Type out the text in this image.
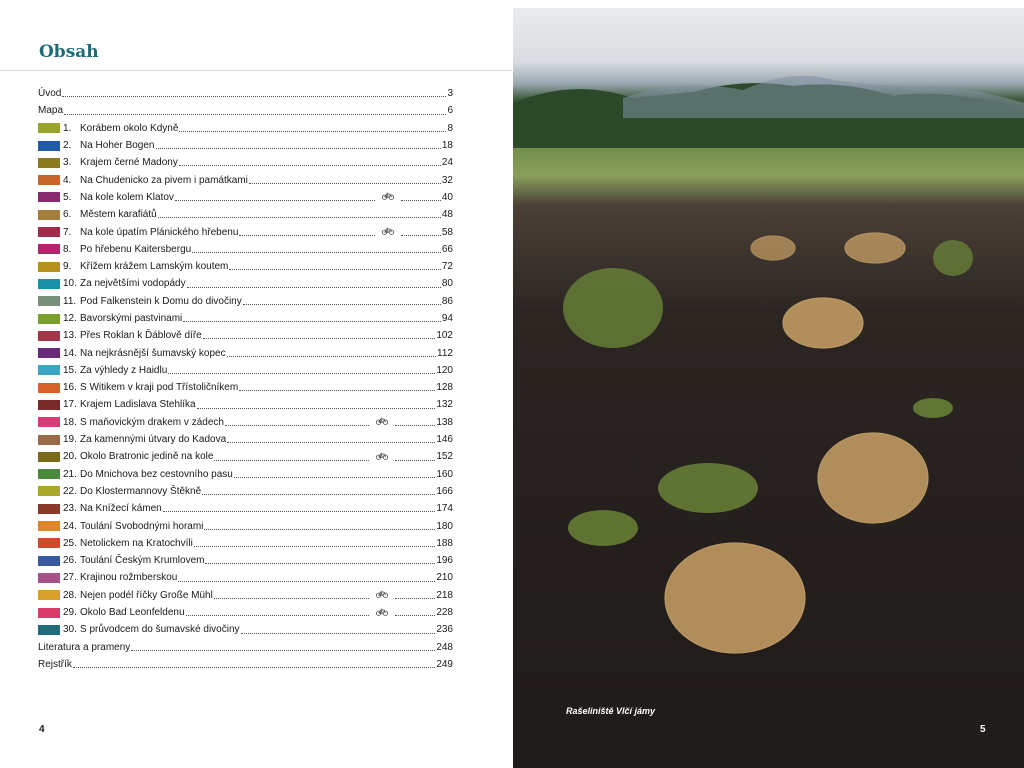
Obsah
Úvod	3
Mapa	6
1. Korábem okolo Kdyně	8
2. Na Hoher Bogen	18
3. Krajem černé Madony	24
4. Na Chudenicko za pivem i památkami	32
5. Na kole kolem Klatov	40
6. Městem karafiátů	48
7. Na kole úpatím Plánického hřebenu	58
8. Po hřebenu Kaitersbergu	66
9. Křížem krážem Lamským koutem	72
10. Za největšími vodopády	80
11. Pod Falkenstein k Domu do divočiny	86
12. Bavorskými pastvinami	94
13. Přes Roklan k Ďáblově díře	102
14. Na nejkrásnější šumavský kopec	112
15. Za výhledy z Haidlu	120
16. S Witikem v kraji pod Třístoličníkem	128
17. Krajem Ladislava Stehlíka	132
18. S maňovickým drakem v zádech	138
19. Za kamennými útvary do Kadova	146
20. Okolo Bratronic jedině na kole	152
21. Do Mnichova bez cestovního pasu	160
22. Do Klostermannovy Štěkně	166
23. Na Knížecí kámen	174
24. Toulání Svobodnými horami	180
25. Netolickem na Kratochvíli	188
26. Toulání Českým Krumlovem	196
27. Krajinou rožmberskou	210
28. Nejen podél říčky Große Mühl	218
29. Okolo Bad Leonfeldenu	228
30. S průvodcem do šumavské divočiny	236
Literatura a prameny	248
Rejstřík	249
4
Rašeliniště Vlčí jámy
5
